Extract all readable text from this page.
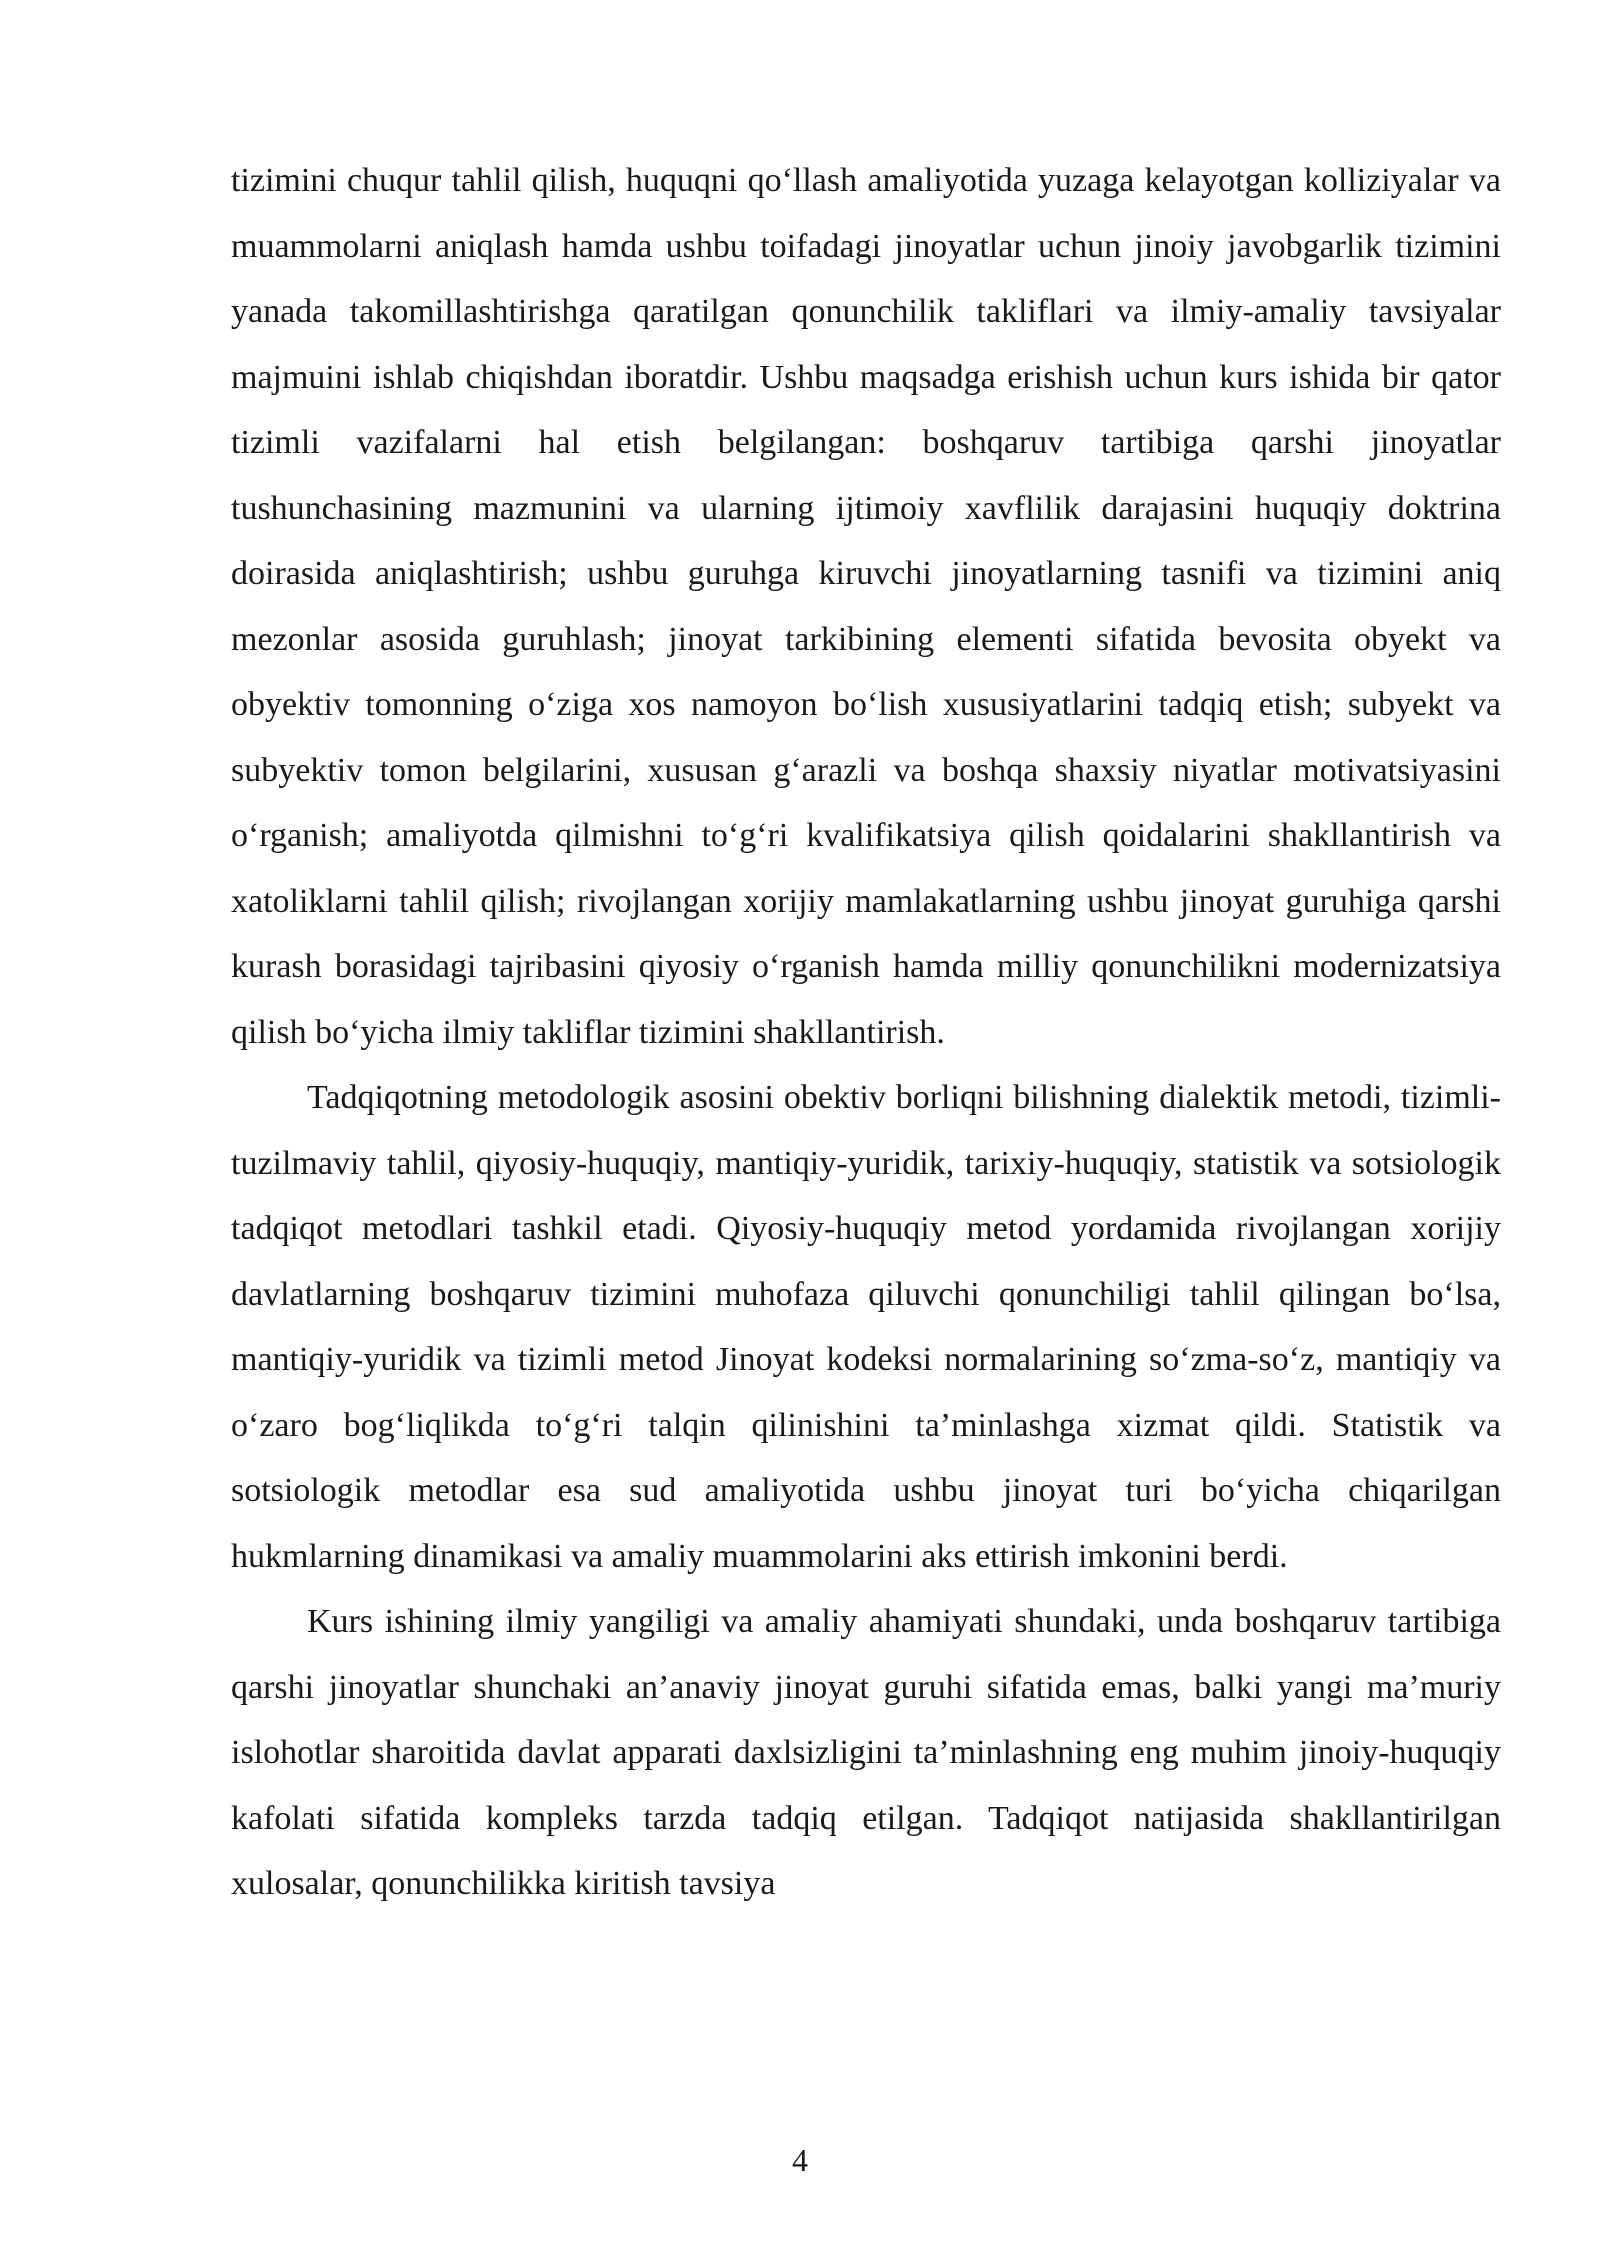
tizimini chuqur tahlil qilish, huquqni qo‘llash amaliyotida yuzaga kelayotgan kolliziyalar va muammolarni aniqlash hamda ushbu toifadagi jinoyatlar uchun jinoiy javobgarlik tizimini yanada takomillashtirishga qaratilgan qonunchilik takliflari va ilmiy-amaliy tavsiyalar majmuini ishlab chiqishdan iboratdir. Ushbu maqsadga erishish uchun kurs ishida bir qator tizimli vazifalarni hal etish belgilangan: boshqaruv tartibiga qarshi jinoyatlar tushunchasining mazmunini va ularning ijtimoiy xavflilik darajasini huquqiy doktrina doirasida aniqlashtirish; ushbu guruhga kiruvchi jinoyatlarning tasnifi va tizimini aniq mezonlar asosida guruhlash; jinoyat tarkibining elementi sifatida bevosita obyekt va obyektiv tomonning o‘ziga xos namoyon bo‘lish xususiyatlarini tadqiq etish; subyekt va subyektiv tomon belgilarini, xususan g‘arazli va boshqa shaxsiy niyatlar motivatsiyasini o‘rganish; amaliyotda qilmishni to‘g‘ri kvalifikatsiya qilish qoidalarini shakllantirish va xatoliklarni tahlil qilish; rivojlangan xorijiy mamlakatlarning ushbu jinoyat guruhiga qarshi kurash borasidagi tajribasini qiyosiy o‘rganish hamda milliy qonunchilikni modernizatsiya qilish bo‘yicha ilmiy takliflar tizimini shakllantirish.

Tadqiqotning metodologik asosini obektiv borliqni bilishning dialektik metodi, tizimli-tuzilmaviy tahlil, qiyosiy-huquqiy, mantiqiy-yuridik, tarixiy-huquqiy, statistik va sotsiologik tadqiqot metodlari tashkil etadi. Qiyosiy-huquqiy metod yordamida rivojlangan xorijiy davlatlarning boshqaruv tizimini muhofaza qiluvchi qonunchiligi tahlil qilingan bo‘lsa, mantiqiy-yuridik va tizimli metod Jinoyat kodeksi normalarining so‘zma-so‘z, mantiqiy va o‘zaro bog‘liqlikda to‘g‘ri talqin qilinishini ta’minlashga xizmat qildi. Statistik va sotsiologik metodlar esa sud amaliyotida ushbu jinoyat turi bo‘yicha chiqarilgan hukmlarning dinamikasi va amaliy muammolarini aks ettirish imkonini berdi.

Kurs ishining ilmiy yangiligi va amaliy ahamiyati shundaki, unda boshqaruv tartibiga qarshi jinoyatlar shunchaki an’anaviy jinoyat guruhi sifatida emas, balki yangi ma’muriy islohotlar sharoitida davlat apparati daxlsizligini ta’minlashning eng muhim jinoiy-huquqiy kafolati sifatida kompleks tarzda tadqiq etilgan. Tadqiqot natijasida shakllantirilgan xulosalar, qonunchilikka kiritish tavsiya

4
